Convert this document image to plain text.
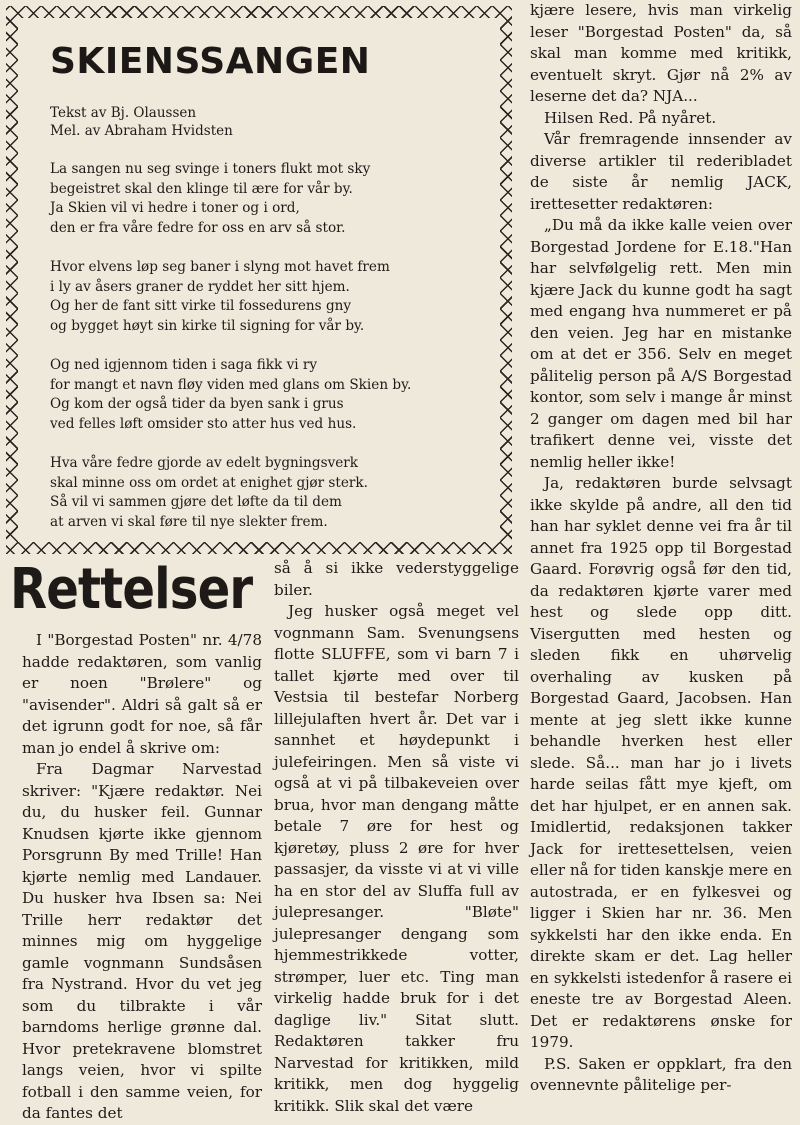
SKIENSSANGEN
Tekst av Bj. Olaussen
Mel. av Abraham Hvidsten
La sangen nu seg svinge i toners flukt mot sky
begeistret skal den klinge til ære for vår by.
Ja Skien vil vi hedre i toner og i ord,
den er fra våre fedre for oss en arv så stor.
Hvor elvens løp seg baner i slyng mot havet frem
i ly av åsers graner de ryddet her sitt hjem.
Og her de fant sitt virke til fossedurens gny
og bygget høyt sin kirke til signing for vår by.
Og ned igjennom tiden i saga fikk vi ry
for mangt et navn fløy viden med glans om Skien by.
Og kom der også tider da byen sank i grus
ved felles løft omsider sto atter hus ved hus.
Hva våre fedre gjorde av edelt bygningsverk
skal minne oss om ordet at enighet gjør sterk.
Så vil vi sammen gjøre det løfte da til dem
at arven vi skal føre til nye slekter frem.
Rettelser

I "Borgestad Posten" nr. 4/78 hadde redaktøren, som vanlig er noen "Brølere" og "avisender". Aldri så galt så er det igrunn godt for noe, så får man jo endel å skrive om:

Fra Dagmar Narvestad skriver: "Kjære redaktør. Nei du, du husker feil. Gunnar Knudsen kjørte ikke gjennom Porsgrunn By med Trille! Han kjørte nemlig med Landauer. Du husker hva Ibsen sa: Nei Trille herr redaktør det minnes mig om hyggelige gamle vognmann Sundsåsen fra Nystrand. Hvor du vet jeg som du tilbrakte i vår barndoms herlige grønne dal. Hvor pretekravene blomstret langs veien, hvor vi spilte fotball i den samme veien, for da fantes det

så å si ikke vederstyggelige biler.

Jeg husker også meget vel vognmann Sam. Svenungsens flotte SLUFFE, som vi barn 7 i tallet kjørte med over til Vestsia til bestefar Norberg lillejulaften hvert år. Det var i sannhet et høydepunkt i julefeiringen. Men så viste vi også at vi på tilbakeveien over brua, hvor man dengang måtte betale 7 øre for hest og kjøretøy, pluss 2 øre for hver passasjer, da visste vi at vi ville ha en stor del av Sluffa full av julepresanger. "Bløte" julepresanger dengang som hjemmestrikkede votter, strømper, luer etc. Ting man virkelig hadde bruk for i det daglige liv." Sitat slutt. Redaktøren takker fru Narvestad for kritikken, mild kritikk, men dog hyggelig kritikk. Slik skal det være

kjære lesere, hvis man virkelig leser "Borgestad Posten" da, så skal man komme med kritikk, eventuelt skryt. Gjør nå 2% av leserne det da? NJA...

Hilsen Red. På nyåret.

Vår fremragende innsender av diverse artikler til rederibladet de siste år nemlig JACK, irettesetter redaktøren:

„Du må da ikke kalle veien over Borgestad Jordene for E.18."Han har selvfølgelig rett. Men min kjære Jack du kunne godt ha sagt med engang hva nummeret er på den veien. Jeg har en mistanke om at det er 356. Selv en meget pålitelig person på A/S Borgestad kontor, som selv i mange år minst 2 ganger om dagen med bil har trafikert denne vei, visste det nemlig heller ikke!

Ja, redaktøren burde selvsagt ikke skylde på andre, all den tid han har syklet denne vei fra år til annet fra 1925 opp til Borgestad Gaard. Forøvrig også før den tid, da redaktøren kjørte varer med hest og slede opp ditt. Visergutten med hesten og sleden fikk en uhørvelig overhaling av kusken på Borgestad Gaard, Jacobsen. Han mente at jeg slett ikke kunne behandle hverken hest eller slede. Så... man har jo i livets harde seilas fått mye kjeft, om det har hjulpet, er en annen sak. Imidlertid, redaksjonen takker Jack for irettesettelsen, veien eller nå for tiden kanskje mere en autostrada, er en fylkesvei og ligger i Skien har nr. 36. Men sykkelsti har den ikke enda. En direkte skam er det. Lag heller en sykkelsti istedenfor å rasere ei eneste tre av Borgestad Aleen. Det er redaktørens ønske for 1979.

P.S. Saken er oppklart, fra den ovennevnte pålitelige per-
